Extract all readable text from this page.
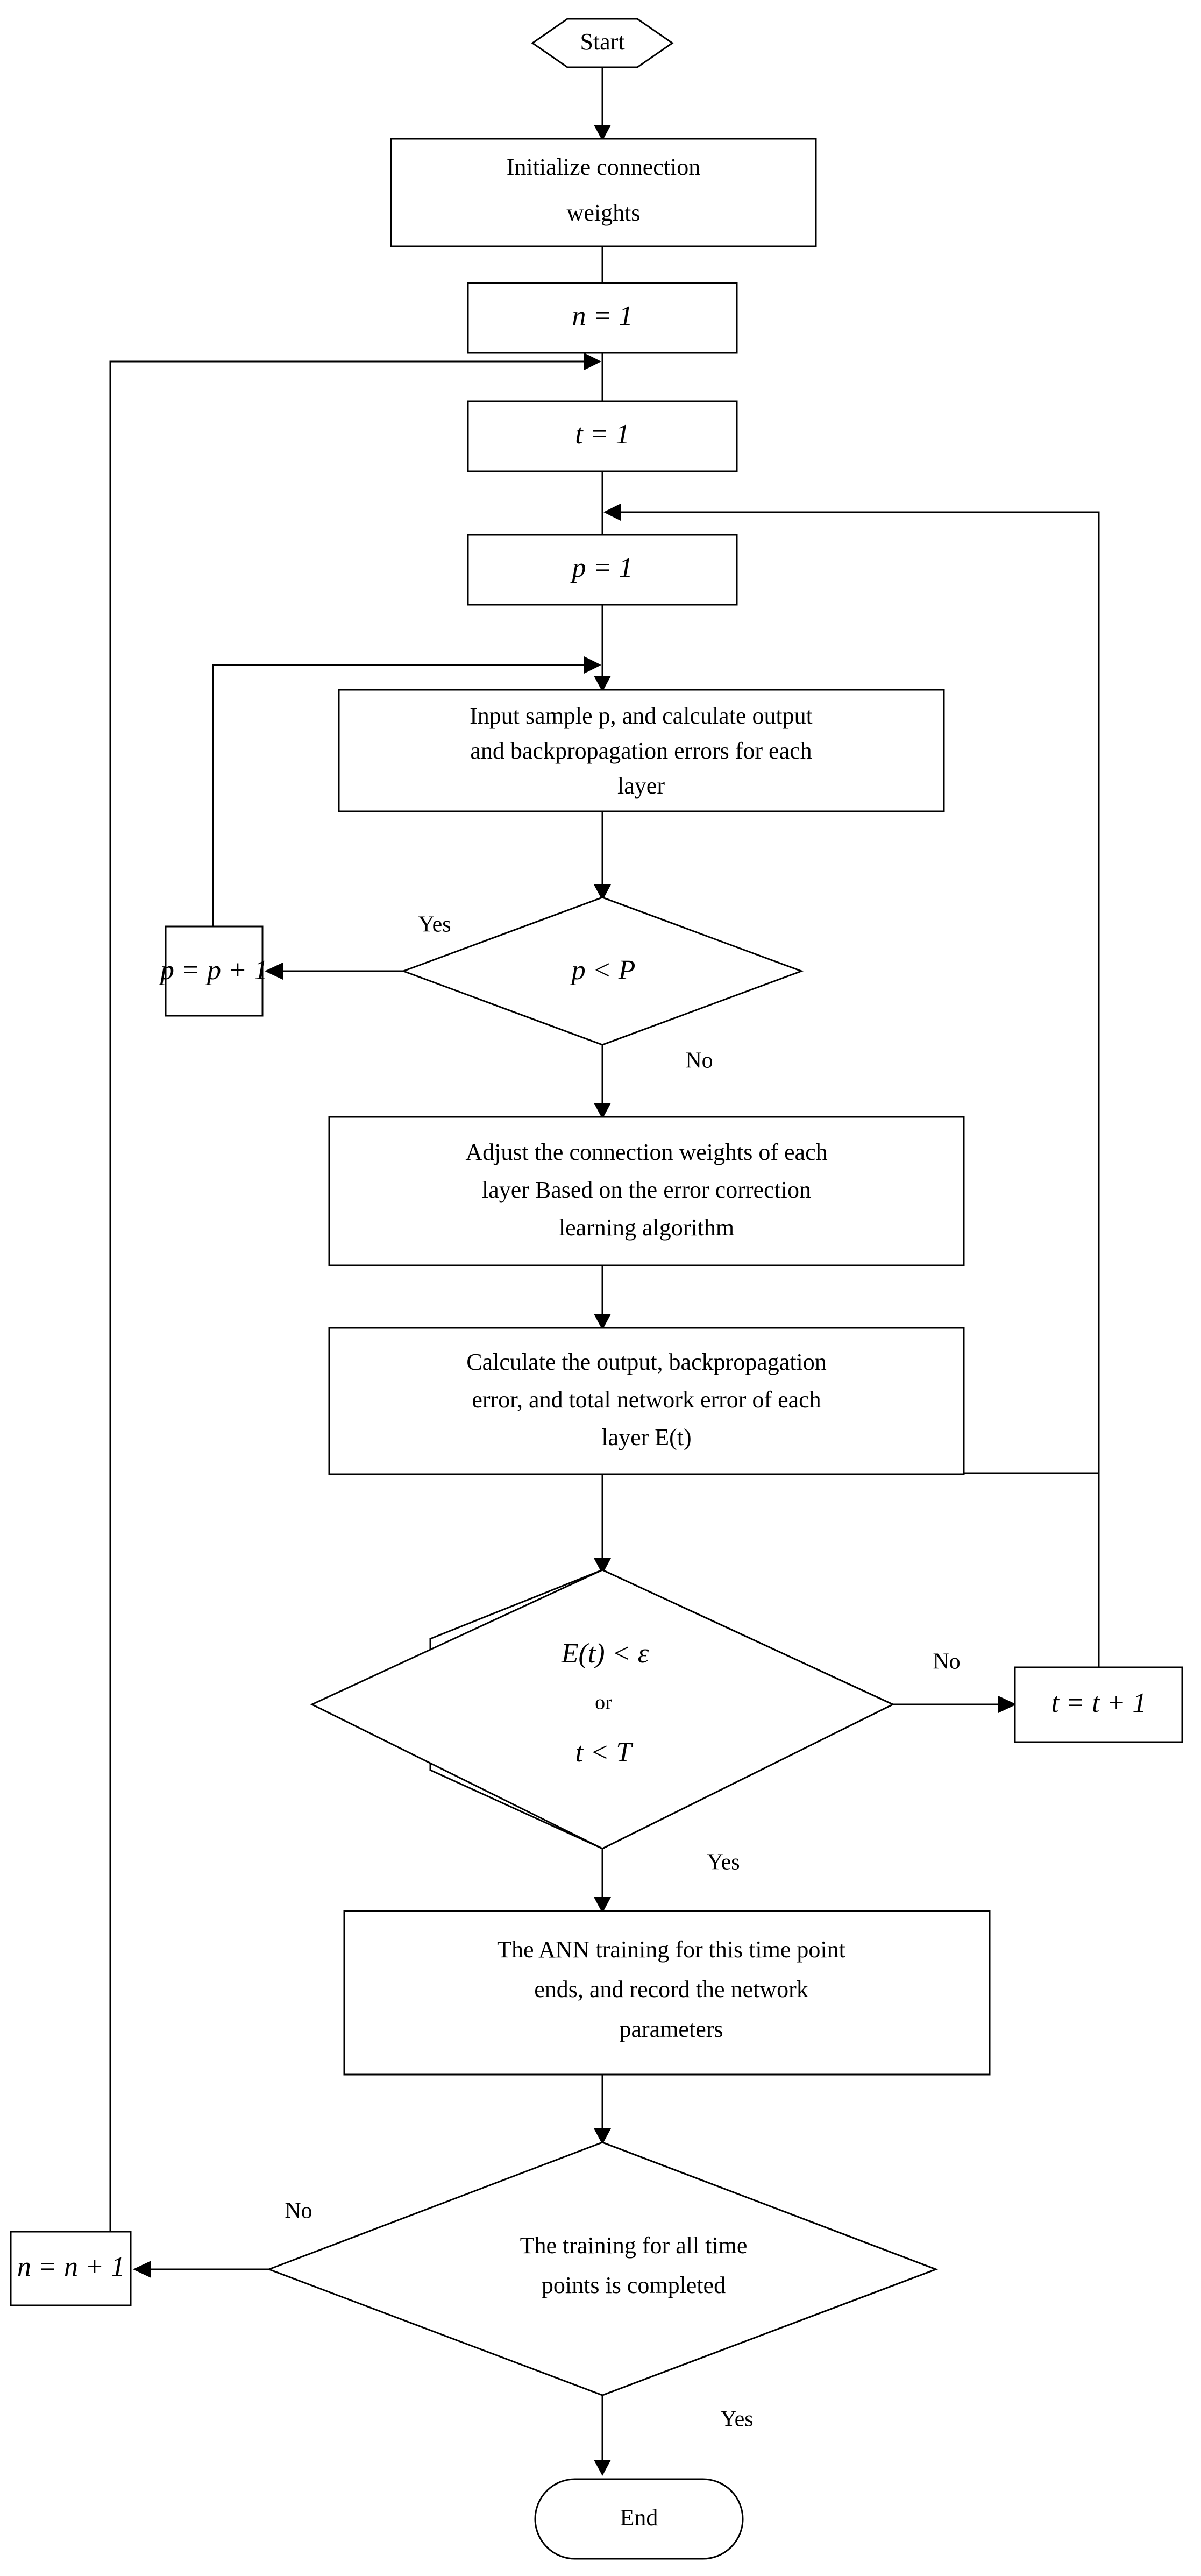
Start
Initialize connection
weights
n = 1
t = 1
p = 1
Input sample p, and calculate output
and backpropagation errors for each
layer
p < P
p = p + 1
Adjust the connection weights of each
layer Based on the error correction
learning algorithm
Calculate the output, backpropagation
error, and total network error of each
layer E(t)
E(t) < ε
or
t < T
t = t + 1
The ANN training for this time point
ends, and record the network
parameters
The training for all time
points is completed
n = n + 1
End
Yes
No
No
Yes
No
Yes
